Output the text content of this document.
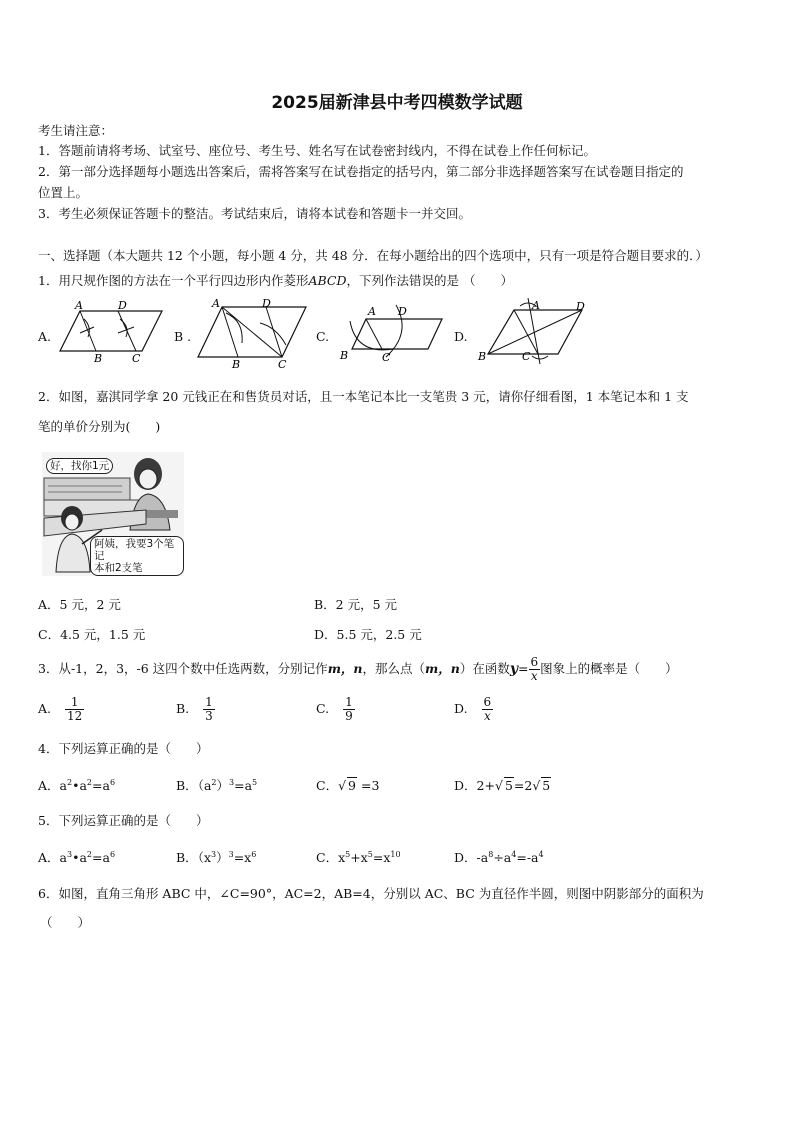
2025届新津县中考四模数学试题
考生请注意：
1．答题前请将考场、试室号、座位号、考生号、姓名写在试卷密封线内，不得在试卷上作任何标记。
2．第一部分选择题每小题选出答案后，需将答案写在试卷指定的括号内，第二部分非选择题答案写在试卷题目指定的
位置上。
3．考生必须保证答题卡的整洁。考试结束后，请将本试卷和答题卡一并交回。
一、选择题（本大题共 12 个小题，每小题 4 分，共 48 分．在每小题给出的四个选项中，只有一项是符合题目要求的．）
1．用尺规作图的方法在一个平行四边形内作菱形ABCD，下列作法错误的是 （　　）
A.
A	D
B	C
B .
A	D
B	C
C.
A D
B	C
D.
A	D
B	C
2．如图，嘉淇同学拿 20 元钱正在和售货员对话，且一本笔记本比一支笔贵 3 元，请你仔细看图，1 本笔记本和 1 支
笔的单价分别为(　　)
好，找你1元
阿姨，我要3个笔记
本和2支笔
A．5 元，2 元	B．2 元，5 元
C．4.5 元，1.5 元	D．5.5 元，2.5 元
3．从-1，2，3，-6 这四个数中任选两数，分别记作m，n，那么点（m，n）在函数$y= \frac{6}{x}$ 图象上的概率是（　　）
A. $\frac{1}{12}$	B. $\frac{1}{3}$	C. $\frac{1}{9}$	D. $\frac{6}{x}$
4．下列运算正确的是（　　）
A．$a^2•a^2=a^6$	B．$(a^2)^3=a^5$	C．√ 9 =3	D．2+√ 5=2√ 5
5．下列运算正确的是（　　）
A．$a^3•a^2=a^6$	B．$(x^3)^3=x^6$	C．$x^5+x^5=x^{10}$	D．$-a^8\div a^4=-a^4$
6．如图，直角三角形 ABC 中，∠C=90°，AC=2，AB=4，分别以 AC、BC 为直径作半圆，则图中阴影部分的面积为
（　　）
